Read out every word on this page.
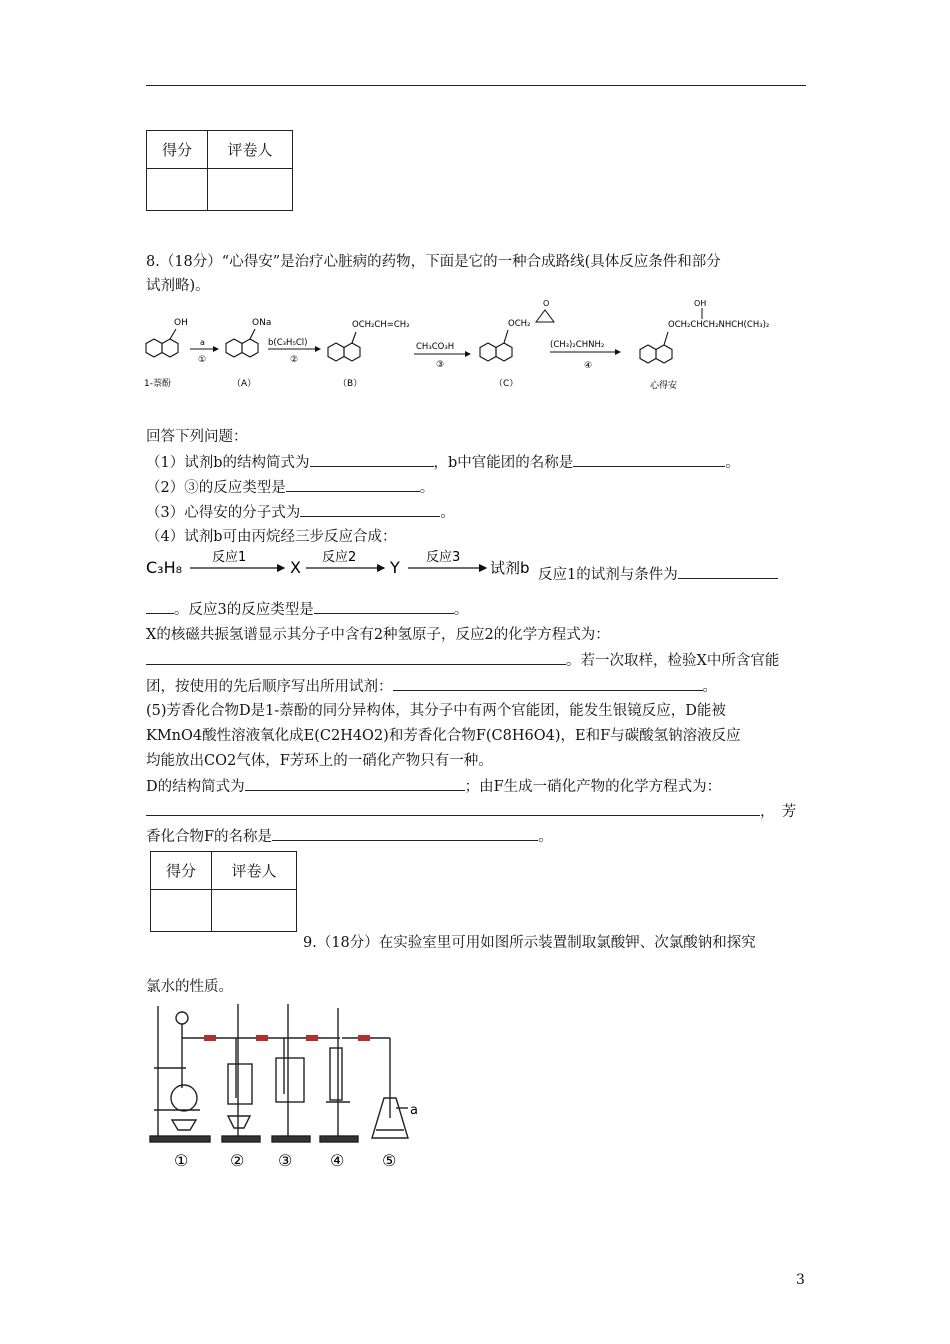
得分	评卷人

8.（18分）“心得安”是治疗心脏病的药物，下面是它的一种合成路线(具体反应条件和部分
试剂略)。
OH
1-萘酚
a
①
ONa
（A）
b(C₃H₅Cl)
②
OCH₂CH=CH₂
（B）
CH₃CO₃H
③
OCH₂
O
（C）
(CH₃)₂CHNH₂
④
OCH₂CHCH₂NHCH(CH₃)₂
OH
心得安
回答下列问题：
（1）试剂b的结构简式为	，b中官能团的名称是	。
（2）③的反应类型是	。
（3）心得安的分子式为	。
（4）试剂b可由丙烷经三步反应合成：
C₃H₈
反应1
X
反应2
Y
反应3
试剂b 反应1的试剂与条件为
。反应3的反应类型是	。
X的核磁共振氢谱显示其分子中含有2种氢原子，反应2的化学方程式为：
。若一次取样，检验X中所含官能
团，按使用的先后顺序写出所用试剂：	。
(5)芳香化合物D是1-萘酚的同分异构体，其分子中有两个官能团，能发生银镜反应，D能被
KMnO4酸性溶液氧化成E(C2H4O2)和芳香化合物F(C8H6O4)，E和F与碳酸氢钠溶液反应
均能放出CO2气体，F芳环上的一硝化产物只有一种。
D的结构简式为	；由F生成一硝化产物的化学方程式为：
，　芳
香化合物F的名称是	。
得分	评卷人

9.（18分）在实验室里可用如图所示装置制取氯酸钾、次氯酸钠和探究
氯水的性质。
a
①	② ③ ④ ⑤
3
